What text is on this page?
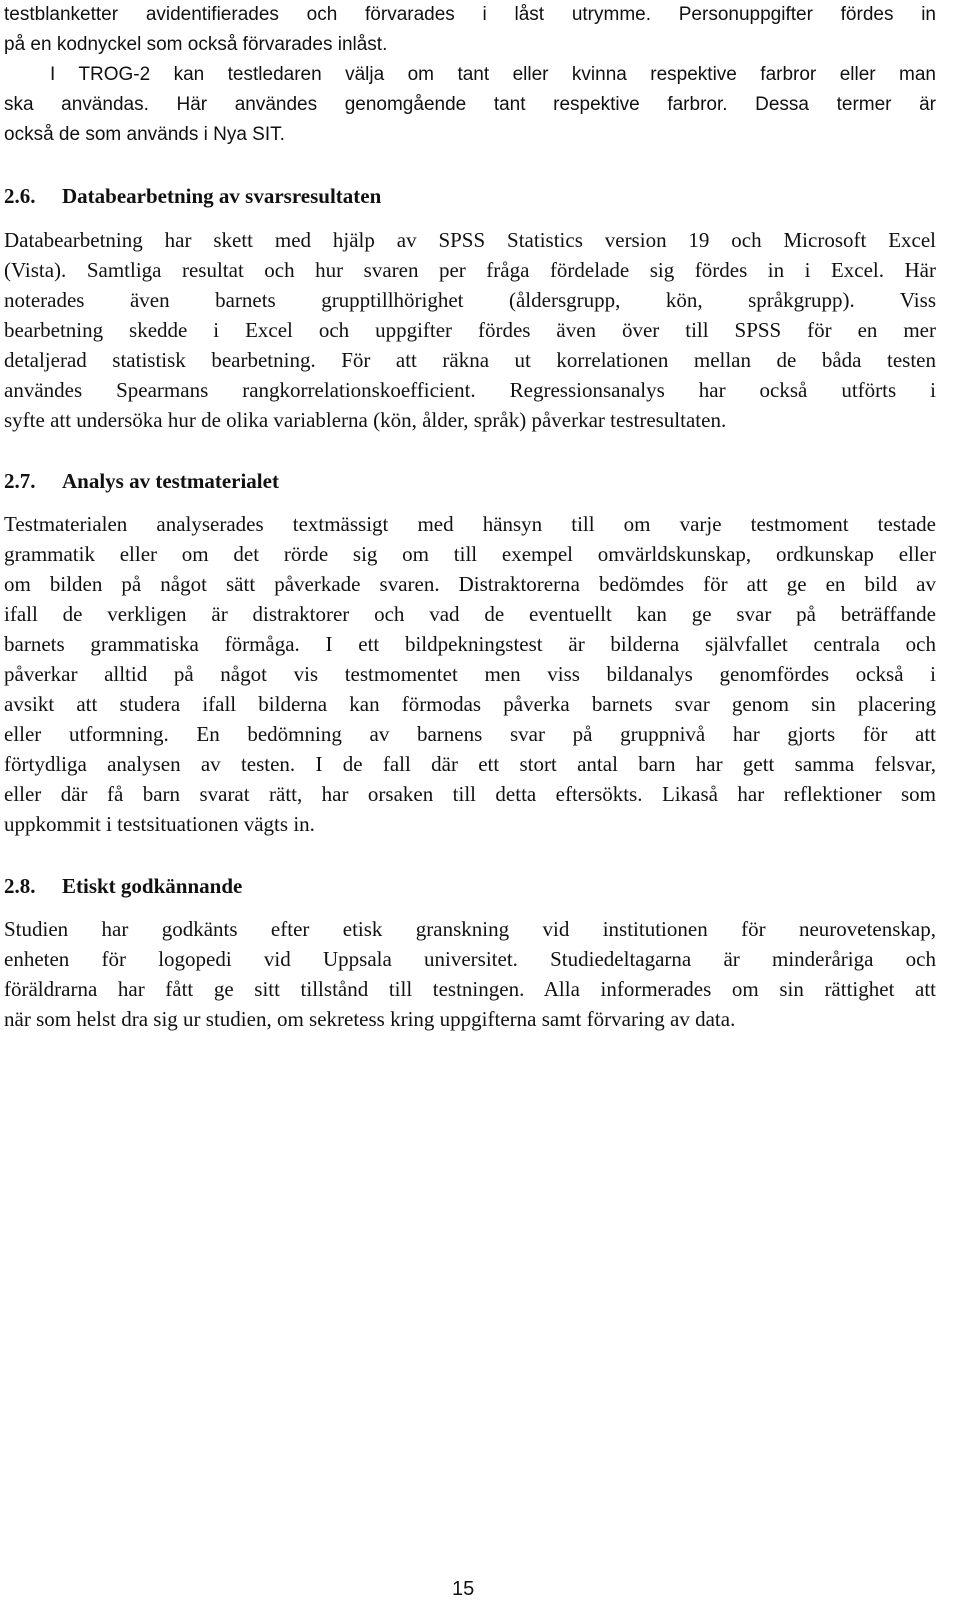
testblanketter avidentifierades och förvarades i låst utrymme. Personuppgifter fördes in
på en kodnyckel som också förvarades inlåst.
I TROG-2 kan testledaren välja om tant eller kvinna respektive farbror eller man
ska användas. Här användes genomgående tant respektive farbror. Dessa termer är
också de som används i Nya SIT.
2.6. Databearbetning av svarsresultaten
Databearbetning har skett med hjälp av SPSS Statistics version 19 och Microsoft Excel
(Vista). Samtliga resultat och hur svaren per fråga fördelade sig fördes in i Excel. Här
noterades även barnets grupptillhörighet (åldersgrupp, kön, språkgrupp). Viss
bearbetning skedde i Excel och uppgifter fördes även över till SPSS för en mer
detaljerad statistisk bearbetning. För att räkna ut korrelationen mellan de båda testen
användes Spearmans rangkorrelationskoefficient. Regressionsanalys har också utförts i
syfte att undersöka hur de olika variablerna (kön, ålder, språk) påverkar testresultaten.
2.7. Analys av testmaterialet
Testmaterialen analyserades textmässigt med hänsyn till om varje testmoment testade
grammatik eller om det rörde sig om till exempel omvärldskunskap, ordkunskap eller
om bilden på något sätt påverkade svaren. Distraktorerna bedömdes för att ge en bild av
ifall de verkligen är distraktorer och vad de eventuellt kan ge svar på beträffande
barnets grammatiska förmåga. I ett bildpekningstest är bilderna självfallet centrala och
påverkar alltid på något vis testmomentet men viss bildanalys genomfördes också i
avsikt att studera ifall bilderna kan förmodas påverka barnets svar genom sin placering
eller utformning. En bedömning av barnens svar på gruppnivå har gjorts för att
förtydliga analysen av testen. I de fall där ett stort antal barn har gett samma felsvar,
eller där få barn svarat rätt, har orsaken till detta eftersökts. Likaså har reflektioner som
uppkommit i testsituationen vägts in.
2.8. Etiskt godkännande
Studien har godkänts efter etisk granskning vid institutionen för neurovetenskap,
enheten för logopedi vid Uppsala universitet. Studiedeltagarna är minderåriga och
föräldrarna har fått ge sitt tillstånd till testningen. Alla informerades om sin rättighet att
när som helst dra sig ur studien, om sekretess kring uppgifterna samt förvaring av data.
15
